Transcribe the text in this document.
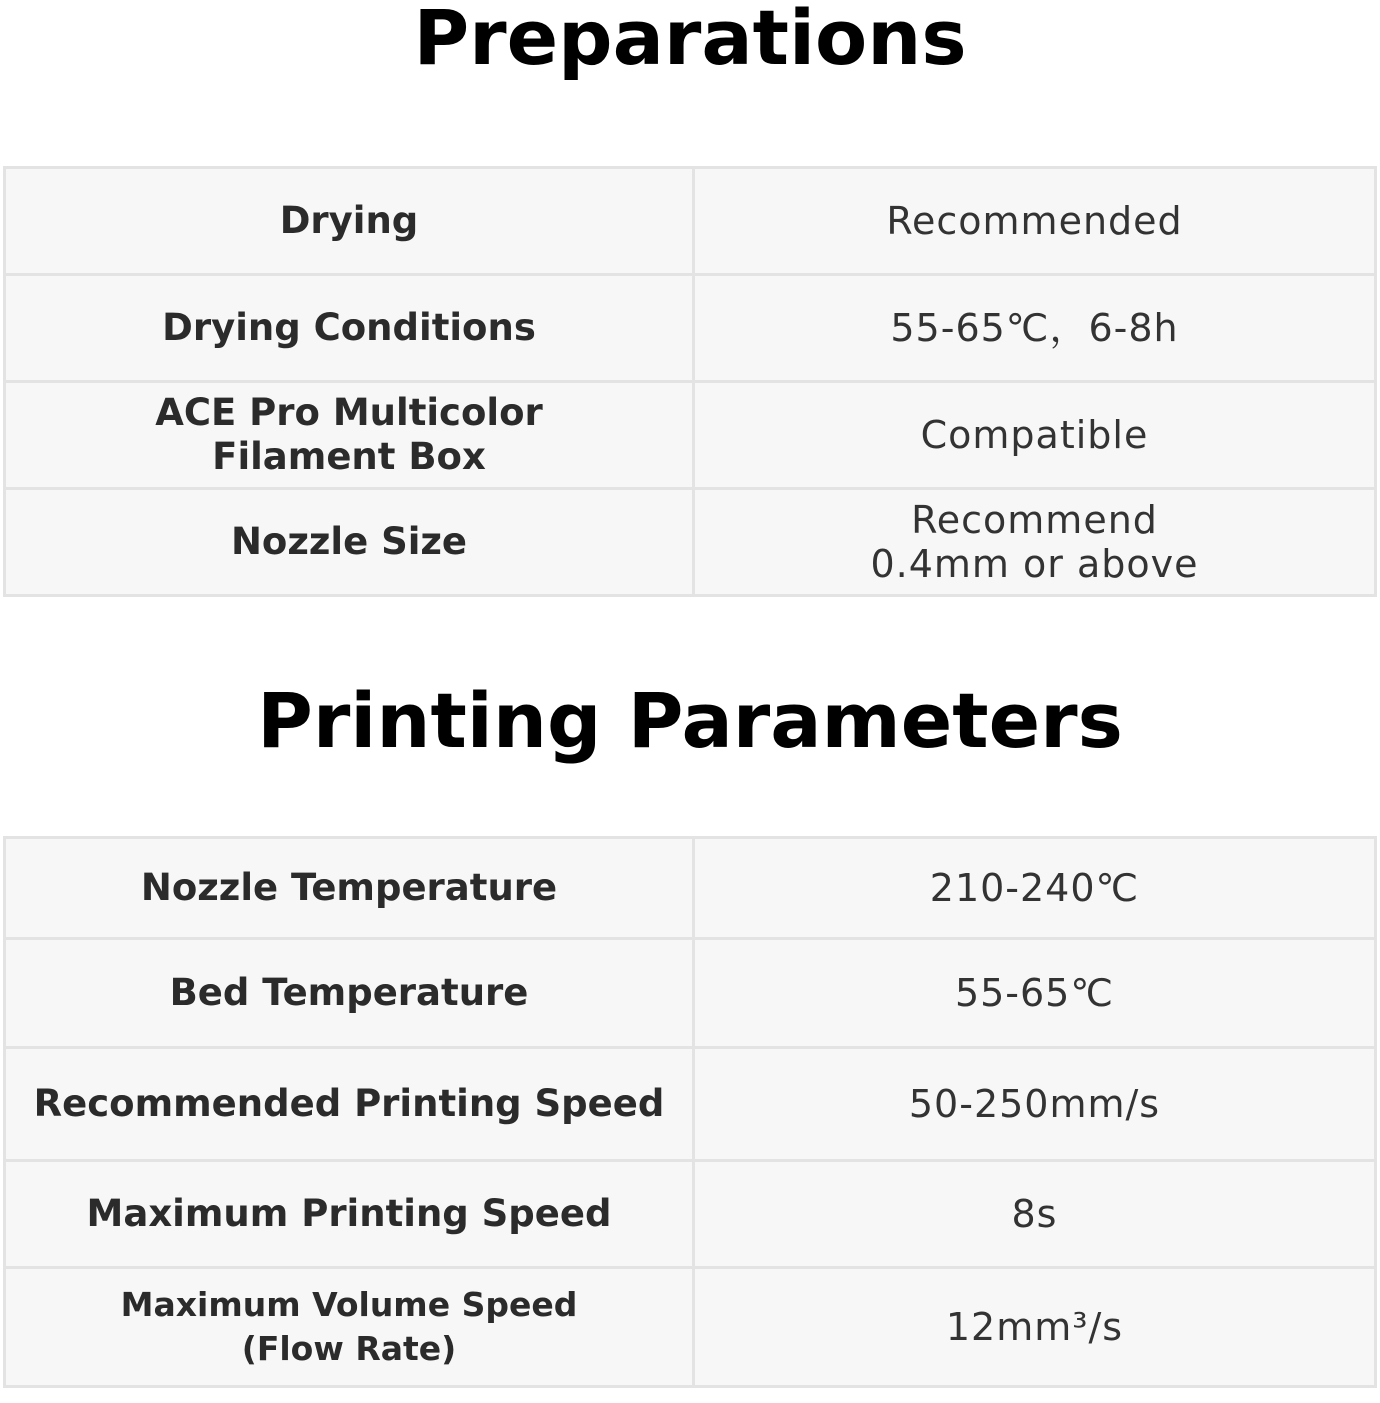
Preparations
Drying	Recommended
Drying Conditions	55-65℃，6-8h
ACE Pro Multicolor
Filament Box	Compatible
Nozzle Size	Recommend
0.4mm or above
Printing Parameters
Nozzle Temperature	210-240℃
Bed Temperature	55-65℃
Recommended Printing Speed	50-250mm/s
Maximum Printing Speed	8s
Maximum Volume Speed
(Flow Rate)	12mm³/s
